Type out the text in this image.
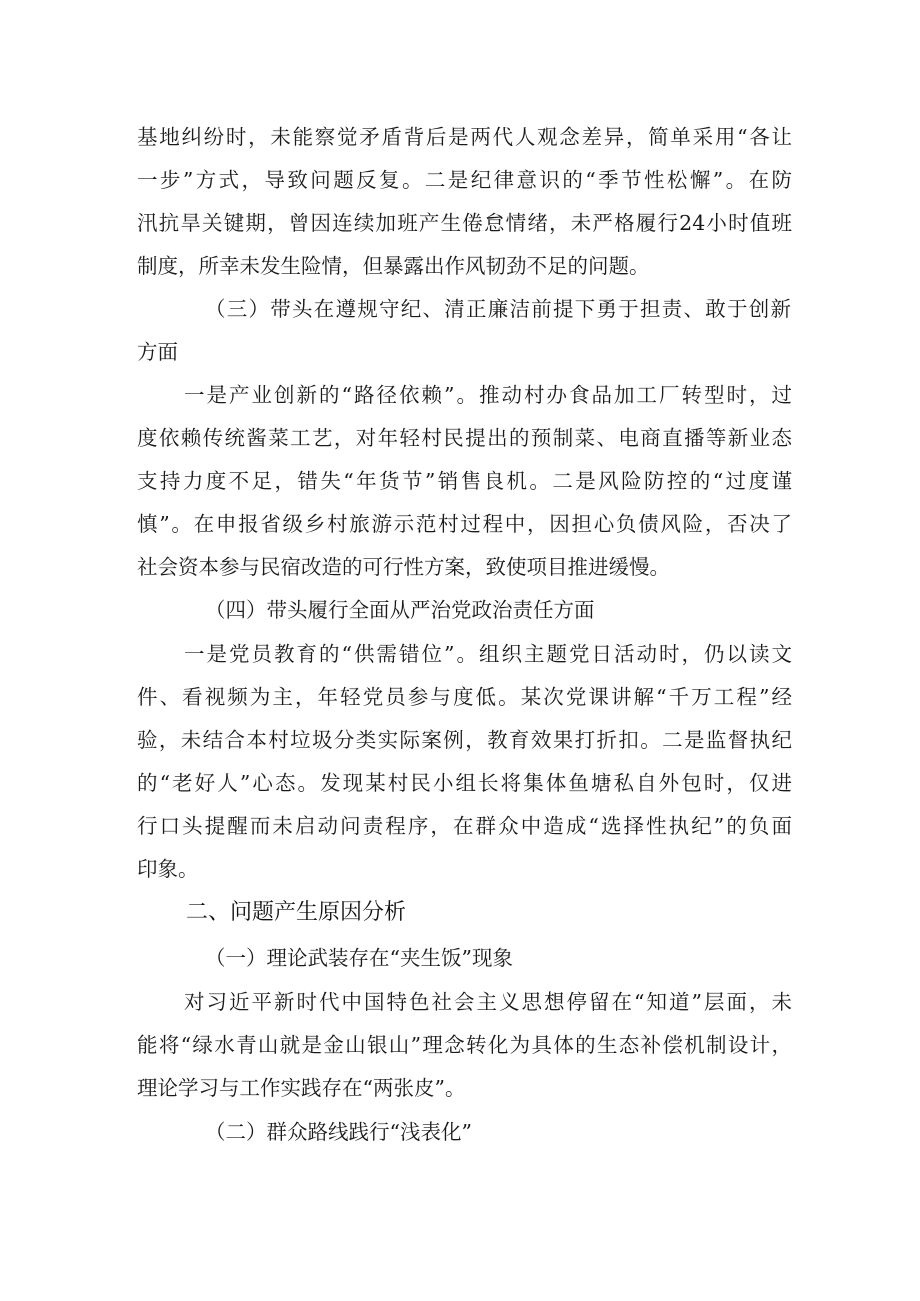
基地纠纷时，未能察觉矛盾背后是两代人观念差异，简单采用“各让
一步”方式，导致问题反复。二是纪律意识的“季节性松懈”。在防
汛抗旱关键期，曾因连续加班产生倦怠情绪，未严格履行24小时值班
制度，所幸未发生险情，但暴露出作风韧劲不足的问题。
（三）带头在遵规守纪、清正廉洁前提下勇于担责、敢于创新
方面
一是产业创新的“路径依赖”。推动村办食品加工厂转型时，过
度依赖传统酱菜工艺，对年轻村民提出的预制菜、电商直播等新业态
支持力度不足，错失“年货节”销售良机。二是风险防控的“过度谨
慎”。在申报省级乡村旅游示范村过程中，因担心负债风险，否决了
社会资本参与民宿改造的可行性方案，致使项目推进缓慢。
（四）带头履行全面从严治党政治责任方面
一是党员教育的“供需错位”。组织主题党日活动时，仍以读文
件、看视频为主，年轻党员参与度低。某次党课讲解“千万工程”经
验，未结合本村垃圾分类实际案例，教育效果打折扣。二是监督执纪
的“老好人”心态。发现某村民小组长将集体鱼塘私自外包时，仅进
行口头提醒而未启动问责程序，在群众中造成“选择性执纪”的负面
印象。
二、问题产生原因分析
（一）理论武装存在“夹生饭”现象
对习近平新时代中国特色社会主义思想停留在“知道”层面，未
能将“绿水青山就是金山银山”理念转化为具体的生态补偿机制设计，
理论学习与工作实践存在“两张皮”。
（二）群众路线践行“浅表化”
